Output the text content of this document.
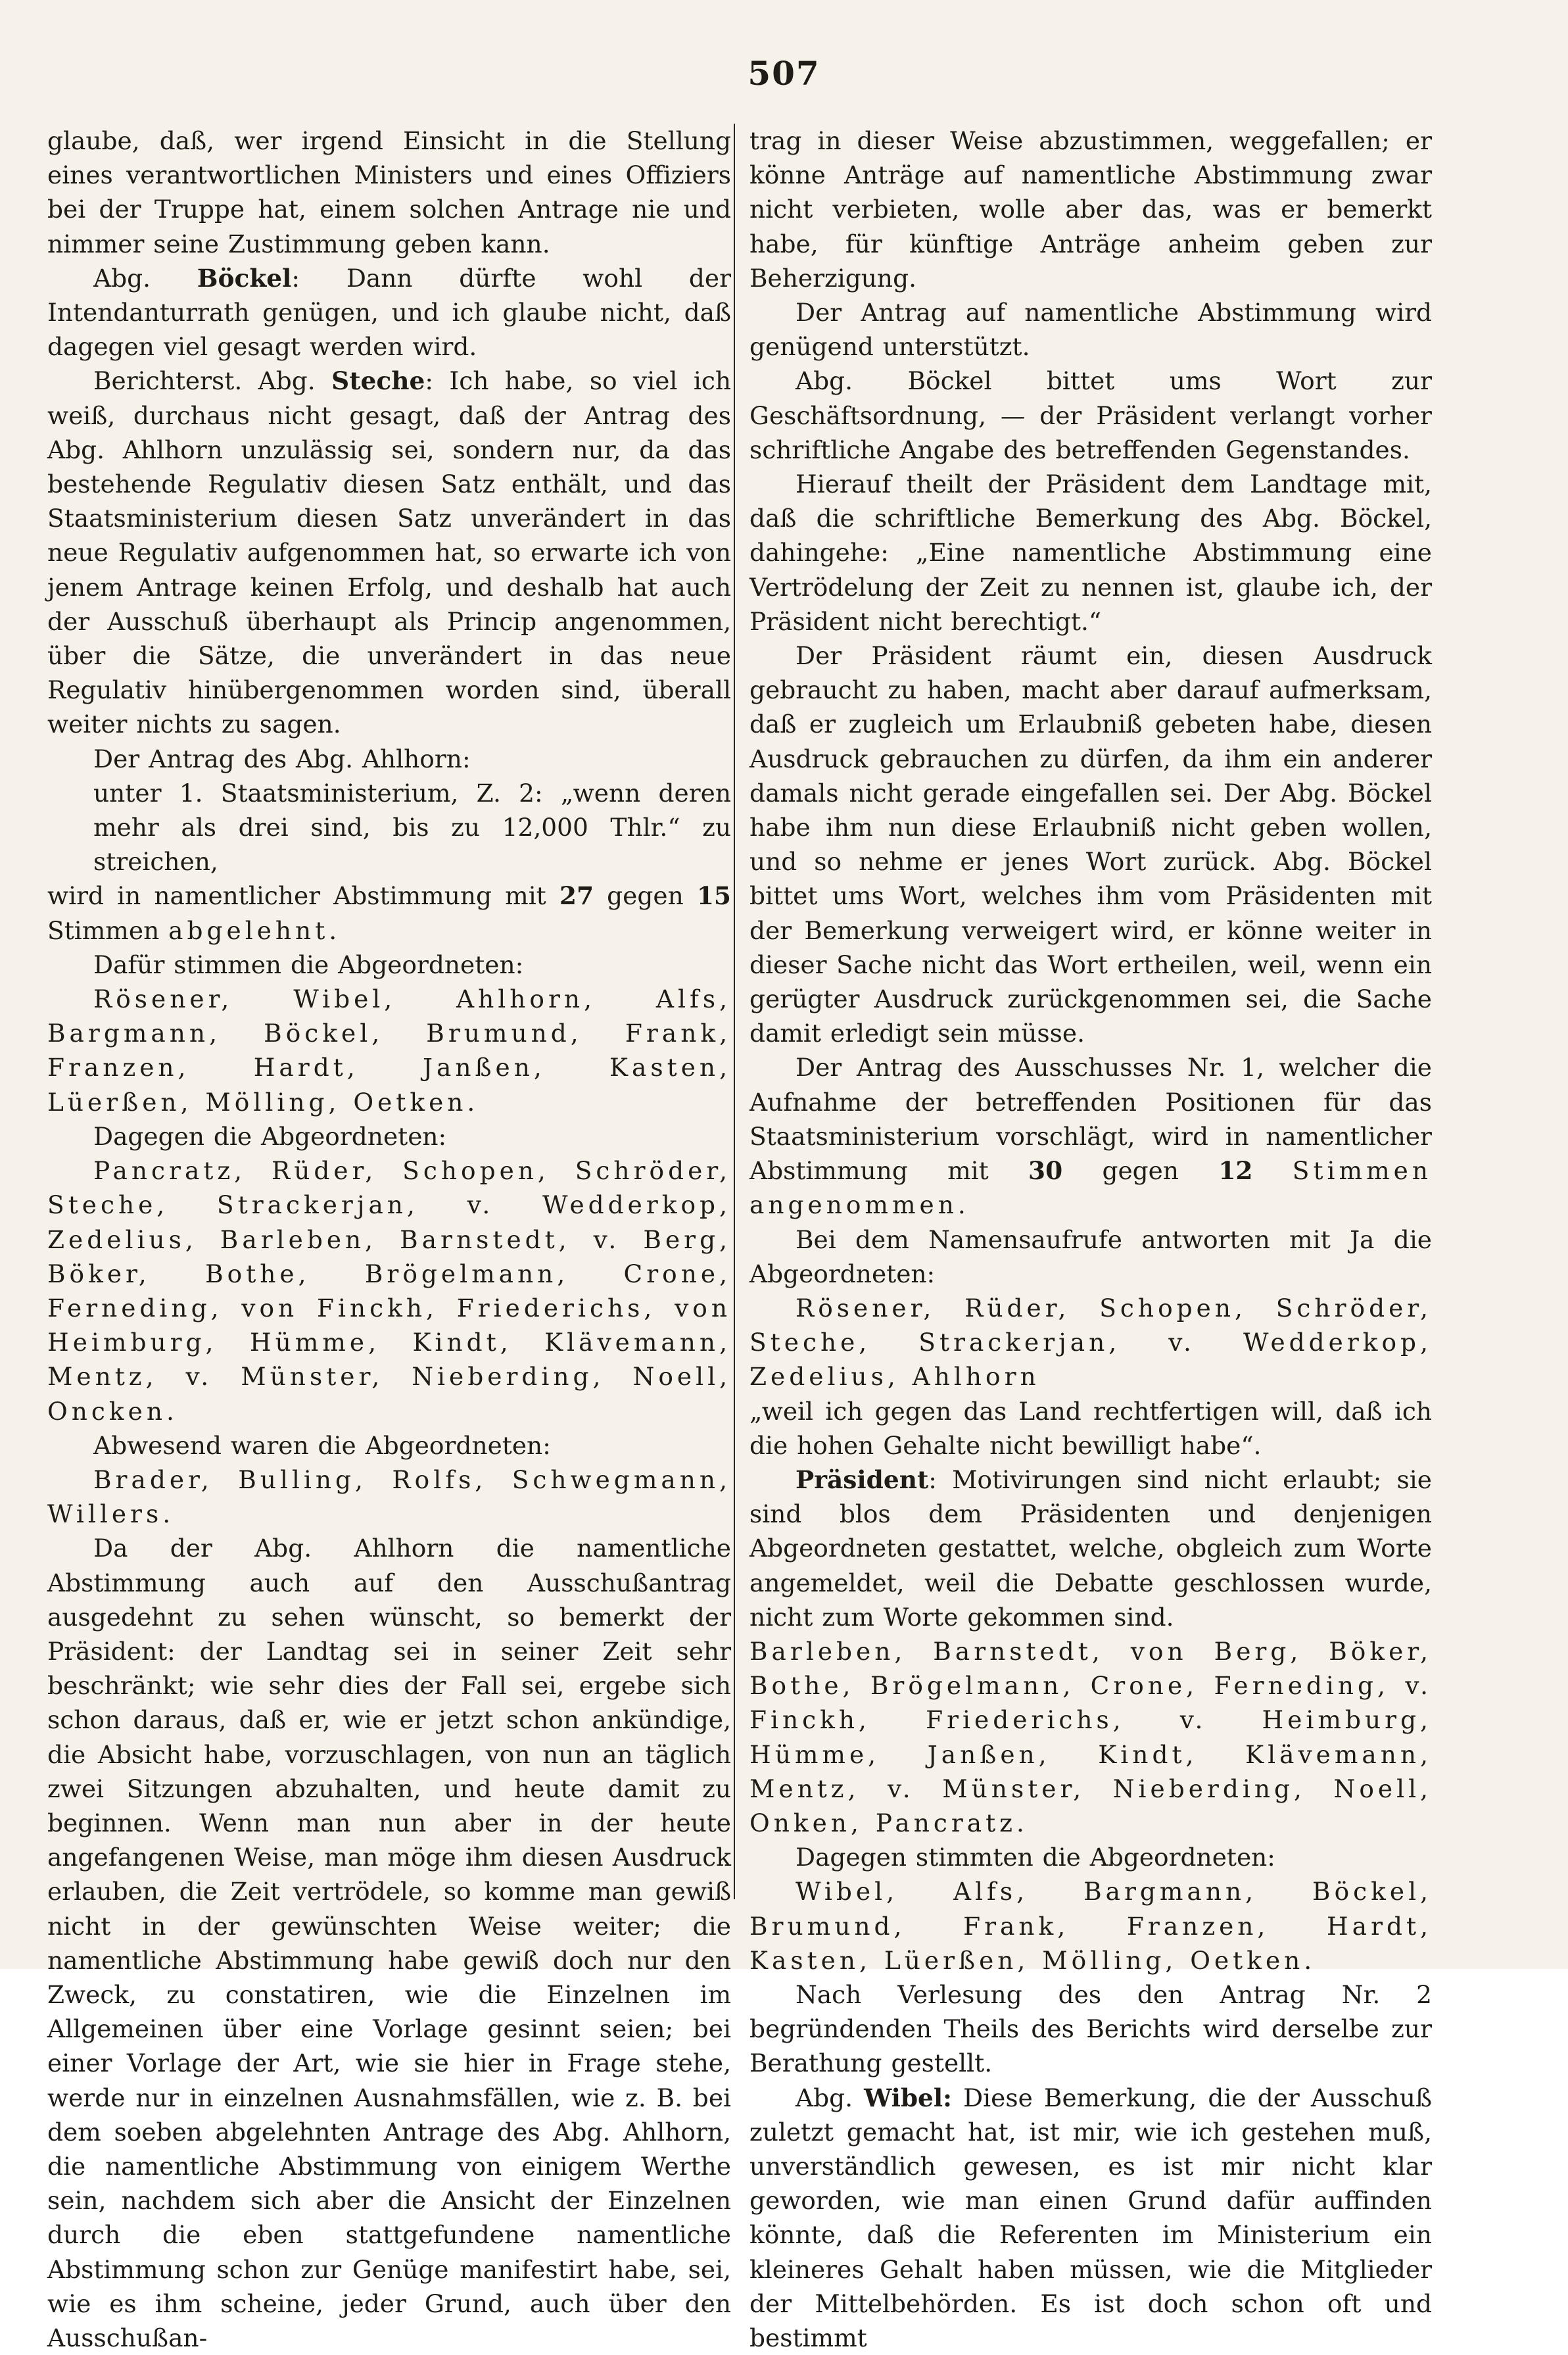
507

glaube, daß, wer irgend Einsicht in die Stellung eines verantwortlichen Ministers und eines Offiziers bei der Truppe hat, einem solchen Antrage nie und nimmer seine Zustimmung geben kann.

Abg. Böckel: Dann dürfte wohl der Intendanturrath genügen, und ich glaube nicht, daß dagegen viel gesagt werden wird.

Berichterst. Abg. Steche: Ich habe, so viel ich weiß, durchaus nicht gesagt, daß der Antrag des Abg. Ahlhorn unzulässig sei, sondern nur, da das bestehende Regulativ diesen Satz enthält, und das Staatsministerium diesen Satz unverändert in das neue Regulativ aufgenommen hat, so erwarte ich von jenem Antrage keinen Erfolg, und deshalb hat auch der Ausschuß überhaupt als Princip angenommen, über die Sätze, die unverändert in das neue Regulativ hinübergenommen worden sind, überall weiter nichts zu sagen.

Der Antrag des Abg. Ahlhorn:

unter 1. Staatsministerium, Z. 2: „wenn deren mehr als drei sind, bis zu 12,000 Thlr.“ zu streichen,

wird in namentlicher Abstimmung mit 27 gegen 15 Stimmen abgelehnt.

Dafür stimmen die Abgeordneten:

Rösener, Wibel, Ahlhorn, Alfs, Bargmann, Böckel, Brumund, Frank, Franzen, Hardt, Janßen, Kasten, Lüerßen, Mölling, Oetken.

Dagegen die Abgeordneten:

Pancratz, Rüder, Schopen, Schröder, Steche, Strackerjan, v. Wedderkop, Zedelius, Barleben, Barnstedt, v. Berg, Böker, Bothe, Brögelmann, Crone, Ferneding, von Finckh, Friederichs, von Heimburg, Hümme, Kindt, Klävemann, Mentz, v. Münster, Nieberding, Noell, Oncken.

Abwesend waren die Abgeordneten:

Brader, Bulling, Rolfs, Schwegmann, Willers.

Da der Abg. Ahlhorn die namentliche Abstimmung auch auf den Ausschußantrag ausgedehnt zu sehen wünscht, so bemerkt der Präsident: der Landtag sei in seiner Zeit sehr beschränkt; wie sehr dies der Fall sei, ergebe sich schon daraus, daß er, wie er jetzt schon ankündige, die Absicht habe, vorzuschlagen, von nun an täglich zwei Sitzungen abzuhalten, und heute damit zu beginnen. Wenn man nun aber in der heute angefangenen Weise, man möge ihm diesen Ausdruck erlauben, die Zeit vertrödele, so komme man gewiß nicht in der gewünschten Weise weiter; die namentliche Abstimmung habe gewiß doch nur den Zweck, zu constatiren, wie die Einzelnen im Allgemeinen über eine Vorlage gesinnt seien; bei einer Vorlage der Art, wie sie hier in Frage stehe, werde nur in einzelnen Ausnahmsfällen, wie z. B. bei dem soeben abgelehnten Antrage des Abg. Ahlhorn, die namentliche Abstimmung von einigem Werthe sein, nachdem sich aber die Ansicht der Einzelnen durch die eben stattgefundene namentliche Abstimmung schon zur Genüge manifestirt habe, sei, wie es ihm scheine, jeder Grund, auch über den Ausschußan-

trag in dieser Weise abzustimmen, weggefallen; er könne Anträge auf namentliche Abstimmung zwar nicht verbieten, wolle aber das, was er bemerkt habe, für künftige Anträge anheim geben zur Beherzigung.

Der Antrag auf namentliche Abstimmung wird genügend unterstützt.

Abg. Böckel bittet ums Wort zur Geschäftsordnung, — der Präsident verlangt vorher schriftliche Angabe des betreffenden Gegenstandes.

Hierauf theilt der Präsident dem Landtage mit, daß die schriftliche Bemerkung des Abg. Böckel, dahingehe: „Eine namentliche Abstimmung eine Vertrödelung der Zeit zu nennen ist, glaube ich, der Präsident nicht berechtigt.“

Der Präsident räumt ein, diesen Ausdruck gebraucht zu haben, macht aber darauf aufmerksam, daß er zugleich um Erlaubniß gebeten habe, diesen Ausdruck gebrauchen zu dürfen, da ihm ein anderer damals nicht gerade eingefallen sei. Der Abg. Böckel habe ihm nun diese Erlaubniß nicht geben wollen, und so nehme er jenes Wort zurück. Abg. Böckel bittet ums Wort, welches ihm vom Präsidenten mit der Bemerkung verweigert wird, er könne weiter in dieser Sache nicht das Wort ertheilen, weil, wenn ein gerügter Ausdruck zurückgenommen sei, die Sache damit erledigt sein müsse.

Der Antrag des Ausschusses Nr. 1, welcher die Aufnahme der betreffenden Positionen für das Staatsministerium vorschlägt, wird in namentlicher Abstimmung mit 30 gegen 12 Stimmen angenommen.

Bei dem Namensaufrufe antworten mit Ja die Abgeordneten:

Rösener, Rüder, Schopen, Schröder, Steche, Strackerjan, v. Wedderkop, Zedelius, Ahlhorn

„weil ich gegen das Land rechtfertigen will, daß ich die hohen Gehalte nicht bewilligt habe“.

Präsident: Motivirungen sind nicht erlaubt; sie sind blos dem Präsidenten und denjenigen Abgeordneten gestattet, welche, obgleich zum Worte angemeldet, weil die Debatte geschlossen wurde, nicht zum Worte gekommen sind.

Barleben, Barnstedt, von Berg, Böker, Bothe, Brögelmann, Crone, Ferneding, v. Finckh, Friederichs, v. Heimburg, Hümme, Janßen, Kindt, Klävemann, Mentz, v. Münster, Nieberding, Noell, Onken, Pancratz.

Dagegen stimmten die Abgeordneten:

Wibel, Alfs, Bargmann, Böckel, Brumund, Frank, Franzen, Hardt, Kasten, Lüerßen, Mölling, Oetken.

Nach Verlesung des den Antrag Nr. 2 begründenden Theils des Berichts wird derselbe zur Berathung gestellt.

Abg. Wibel: Diese Bemerkung, die der Ausschuß zuletzt gemacht hat, ist mir, wie ich gestehen muß, unverständlich gewesen, es ist mir nicht klar geworden, wie man einen Grund dafür auffinden könnte, daß die Referenten im Ministerium ein kleineres Gehalt haben müssen, wie die Mitglieder der Mittelbehörden. Es ist doch schon oft und bestimmt
